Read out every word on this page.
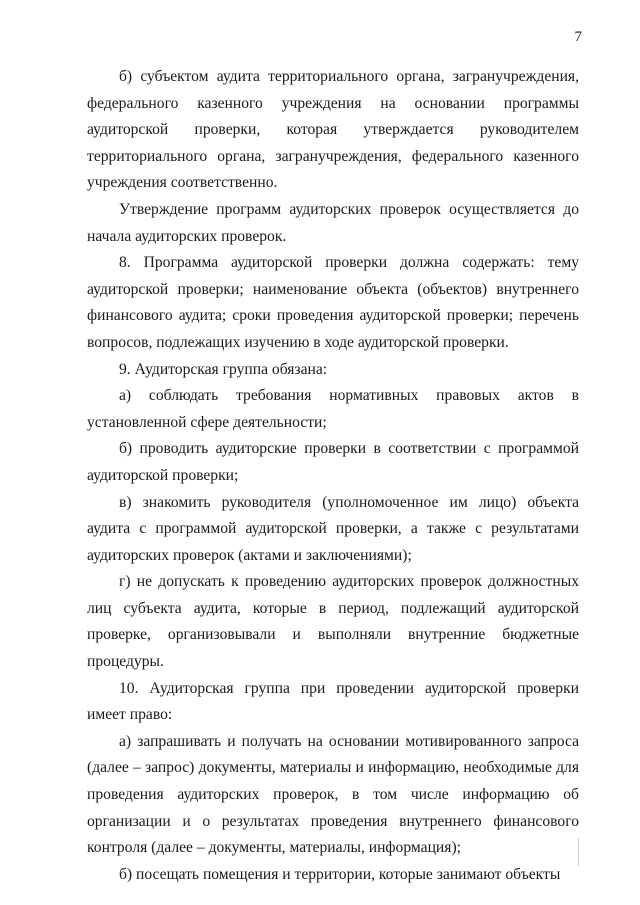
7

б) субъектом аудита территориального органа, загранучреждения, федерального казенного учреждения на основании программы аудиторской проверки, которая утверждается руководителем территориального органа, загранучреждения, федерального казенного учреждения соответственно.

Утверждение программ аудиторских проверок осуществляется до начала аудиторских проверок.

8. Программа аудиторской проверки должна содержать: тему аудиторской проверки; наименование объекта (объектов) внутреннего финансового аудита; сроки проведения аудиторской проверки; перечень вопросов, подлежащих изучению в ходе аудиторской проверки.

9. Аудиторская группа обязана:

а) соблюдать требования нормативных правовых актов в установленной сфере деятельности;

б) проводить аудиторские проверки в соответствии с программой аудиторской проверки;

в) знакомить руководителя (уполномоченное им лицо) объекта аудита с программой аудиторской проверки, а также с результатами аудиторских проверок (актами и заключениями);

г) не допускать к проведению аудиторских проверок должностных лиц субъекта аудита, которые в период, подлежащий аудиторской проверке, организовывали и выполняли внутренние бюджетные процедуры.

10. Аудиторская группа при проведении аудиторской проверки имеет право:

а) запрашивать и получать на основании мотивированного запроса (далее – запрос) документы, материалы и информацию, необходимые для проведения аудиторских проверок, в том числе информацию об организации и о результатах проведения внутреннего финансового контроля (далее – документы, материалы, информация);

б) посещать помещения и территории, которые занимают объекты
